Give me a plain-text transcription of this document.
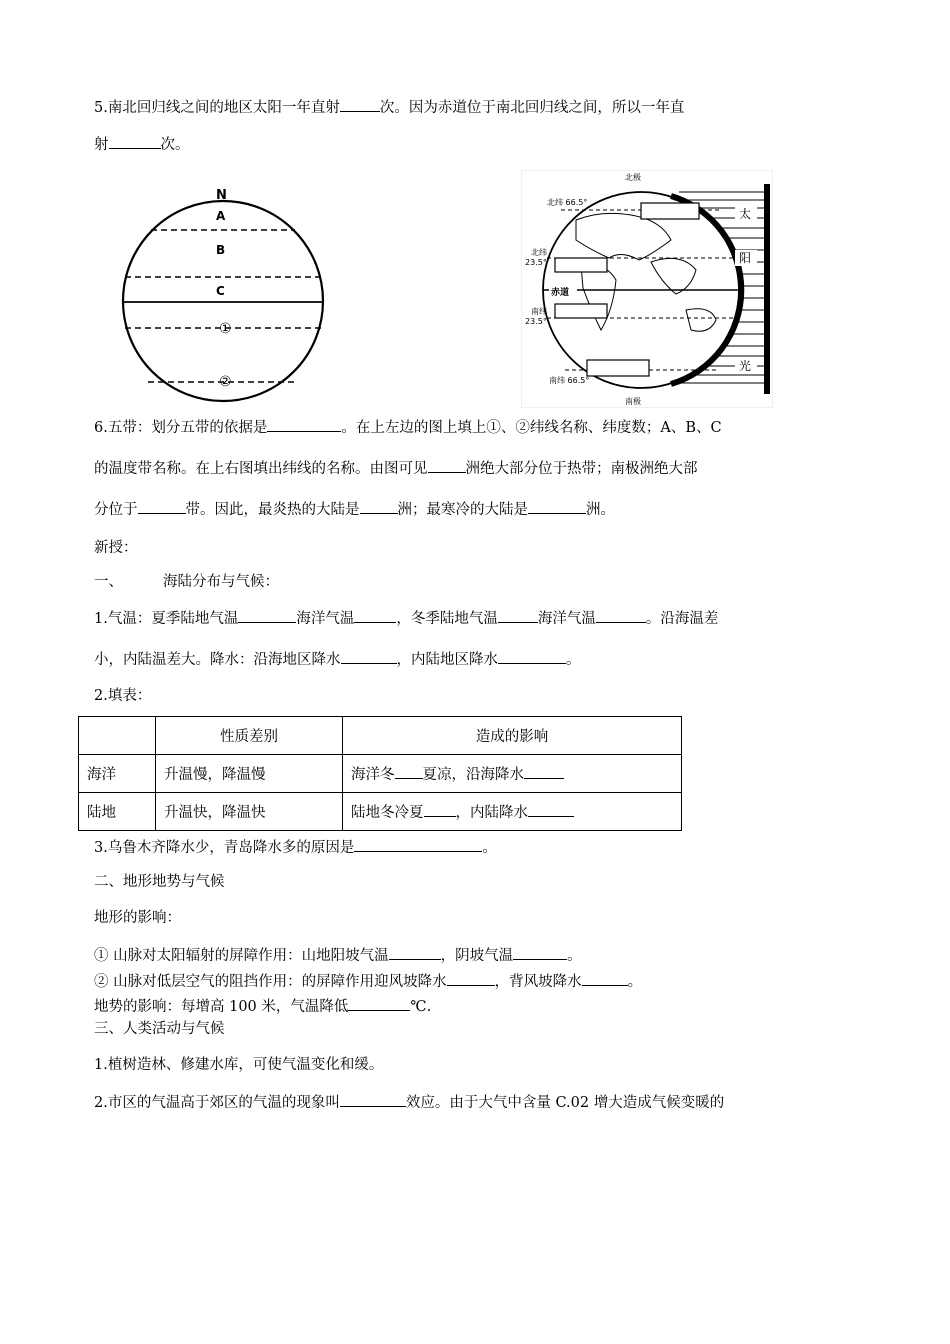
5.南北回归线之间的地区太阳一年直射	次。因为赤道位于南北回归线之间，所以一年直
射	次。
N
A
B
C
①
②
北极
南极
北纬 66.5°
北纬
23.5°
赤道
南纬
23.5°
南纬 66.5°
太
阳
光
6.五带：划分五带的依据是	。在上左边的图上填上①、②纬线名称、纬度数；A、B、C
的温度带名称。在上右图填出纬线的名称。由图可见	洲绝大部分位于热带；南极洲绝大部
分位于	带。因此，最炎热的大陆是	洲；最寒冷的大陆是	洲。
新授：
一、	海陆分布与气候：
1.气温：夏季陆地气温	海洋气温	，冬季陆地气温	海洋气温	。沿海温差
小，内陆温差大。降水：沿海地区降水	，内陆地区降水	。
2.填表：
	性质差别	造成的影响
海洋	升温慢，降温慢	海洋冬 夏凉，沿海降水
陆地	升温快，降温快	陆地冬冷夏 ，内陆降水
3.乌鲁木齐降水少，青岛降水多的原因是	。
二、地形地势与气候
地形的影响：
① 山脉对太阳辐射的屏障作用：山地阳坡气温	，阴坡气温	。
② 山脉对低层空气的阻挡作用：的屏障作用迎风坡降水	，背风坡降水	。
地势的影响：每增高 100 米，气温降低	℃.
三、人类活动与气候
1.植树造林、修建水库，可使气温变化和缓。
2.市区的气温高于郊区的气温的现象叫	效应。由于大气中含量 C.02 增大造成气候变暖的
